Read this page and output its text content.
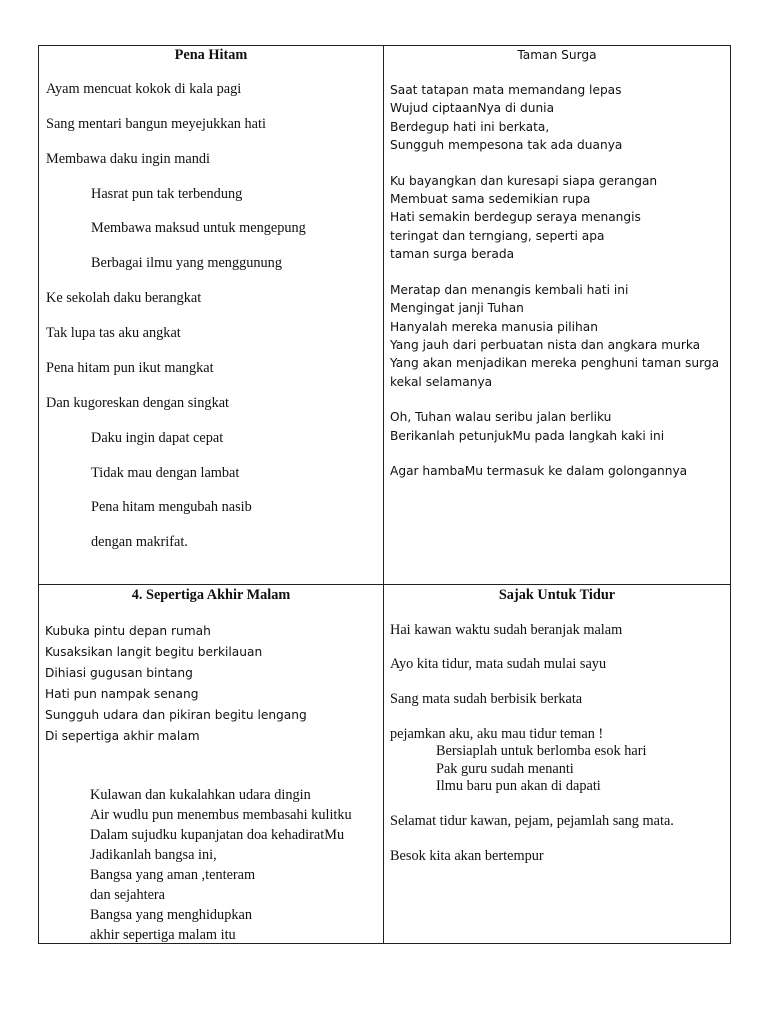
Pena Hitam
Ayam mencuat kokok di kala pagi
Sang mentari bangun meyejukkan hati
Membawa daku ingin mandi
Hasrat pun tak terbendung
Membawa maksud untuk mengepung
Berbagai ilmu yang menggunung
Ke sekolah daku berangkat
Tak lupa tas aku angkat
Pena hitam pun ikut mangkat
Dan kugoreskan dengan singkat
Daku ingin dapat cepat
Tidak mau dengan lambat
Pena hitam mengubah nasib
dengan makrifat.
Taman Surga
Saat tatapan mata memandang lepas
Wujud ciptaanNya di dunia
Berdegup hati ini berkata,
Sungguh mempesona tak ada duanya
Ku bayangkan dan kuresapi siapa gerangan
Membuat sama sedemikian rupa
Hati semakin berdegup seraya menangis
teringat dan terngiang, seperti apa
taman surga berada
Meratap dan menangis kembali hati ini
Mengingat janji Tuhan
Hanyalah mereka manusia pilihan
Yang jauh dari perbuatan nista dan angkara murka
Yang akan menjadikan mereka penghuni taman surga
kekal selamanya
Oh, Tuhan walau seribu jalan berliku
Berikanlah petunjukMu pada langkah kaki ini
Agar hambaMu termasuk ke dalam golongannya
4. Sepertiga Akhir Malam
Kubuka pintu depan rumah
Kusaksikan langit begitu berkilauan
Dihiasi gugusan bintang
Hati pun nampak senang
Sungguh udara dan pikiran begitu lengang
Di sepertiga akhir malam
Kulawan dan kukalahkan udara dingin
Air wudlu pun menembus membasahi kulitku
Dalam sujudku kupanjatan doa kehadiratMu
Jadikanlah bangsa ini,
Bangsa yang aman ,tenteram
dan sejahtera
Bangsa yang menghidupkan
akhir sepertiga malam itu
Sajak Untuk Tidur
Hai kawan waktu sudah beranjak malam
Ayo kita tidur, mata sudah mulai sayu
Sang mata sudah berbisik berkata
pejamkan aku, aku mau tidur teman !
Bersiaplah untuk berlomba esok hari
Pak guru sudah menanti
Ilmu baru pun akan di dapati
Selamat tidur kawan, pejam, pejamlah sang mata.
Besok kita akan bertempur
